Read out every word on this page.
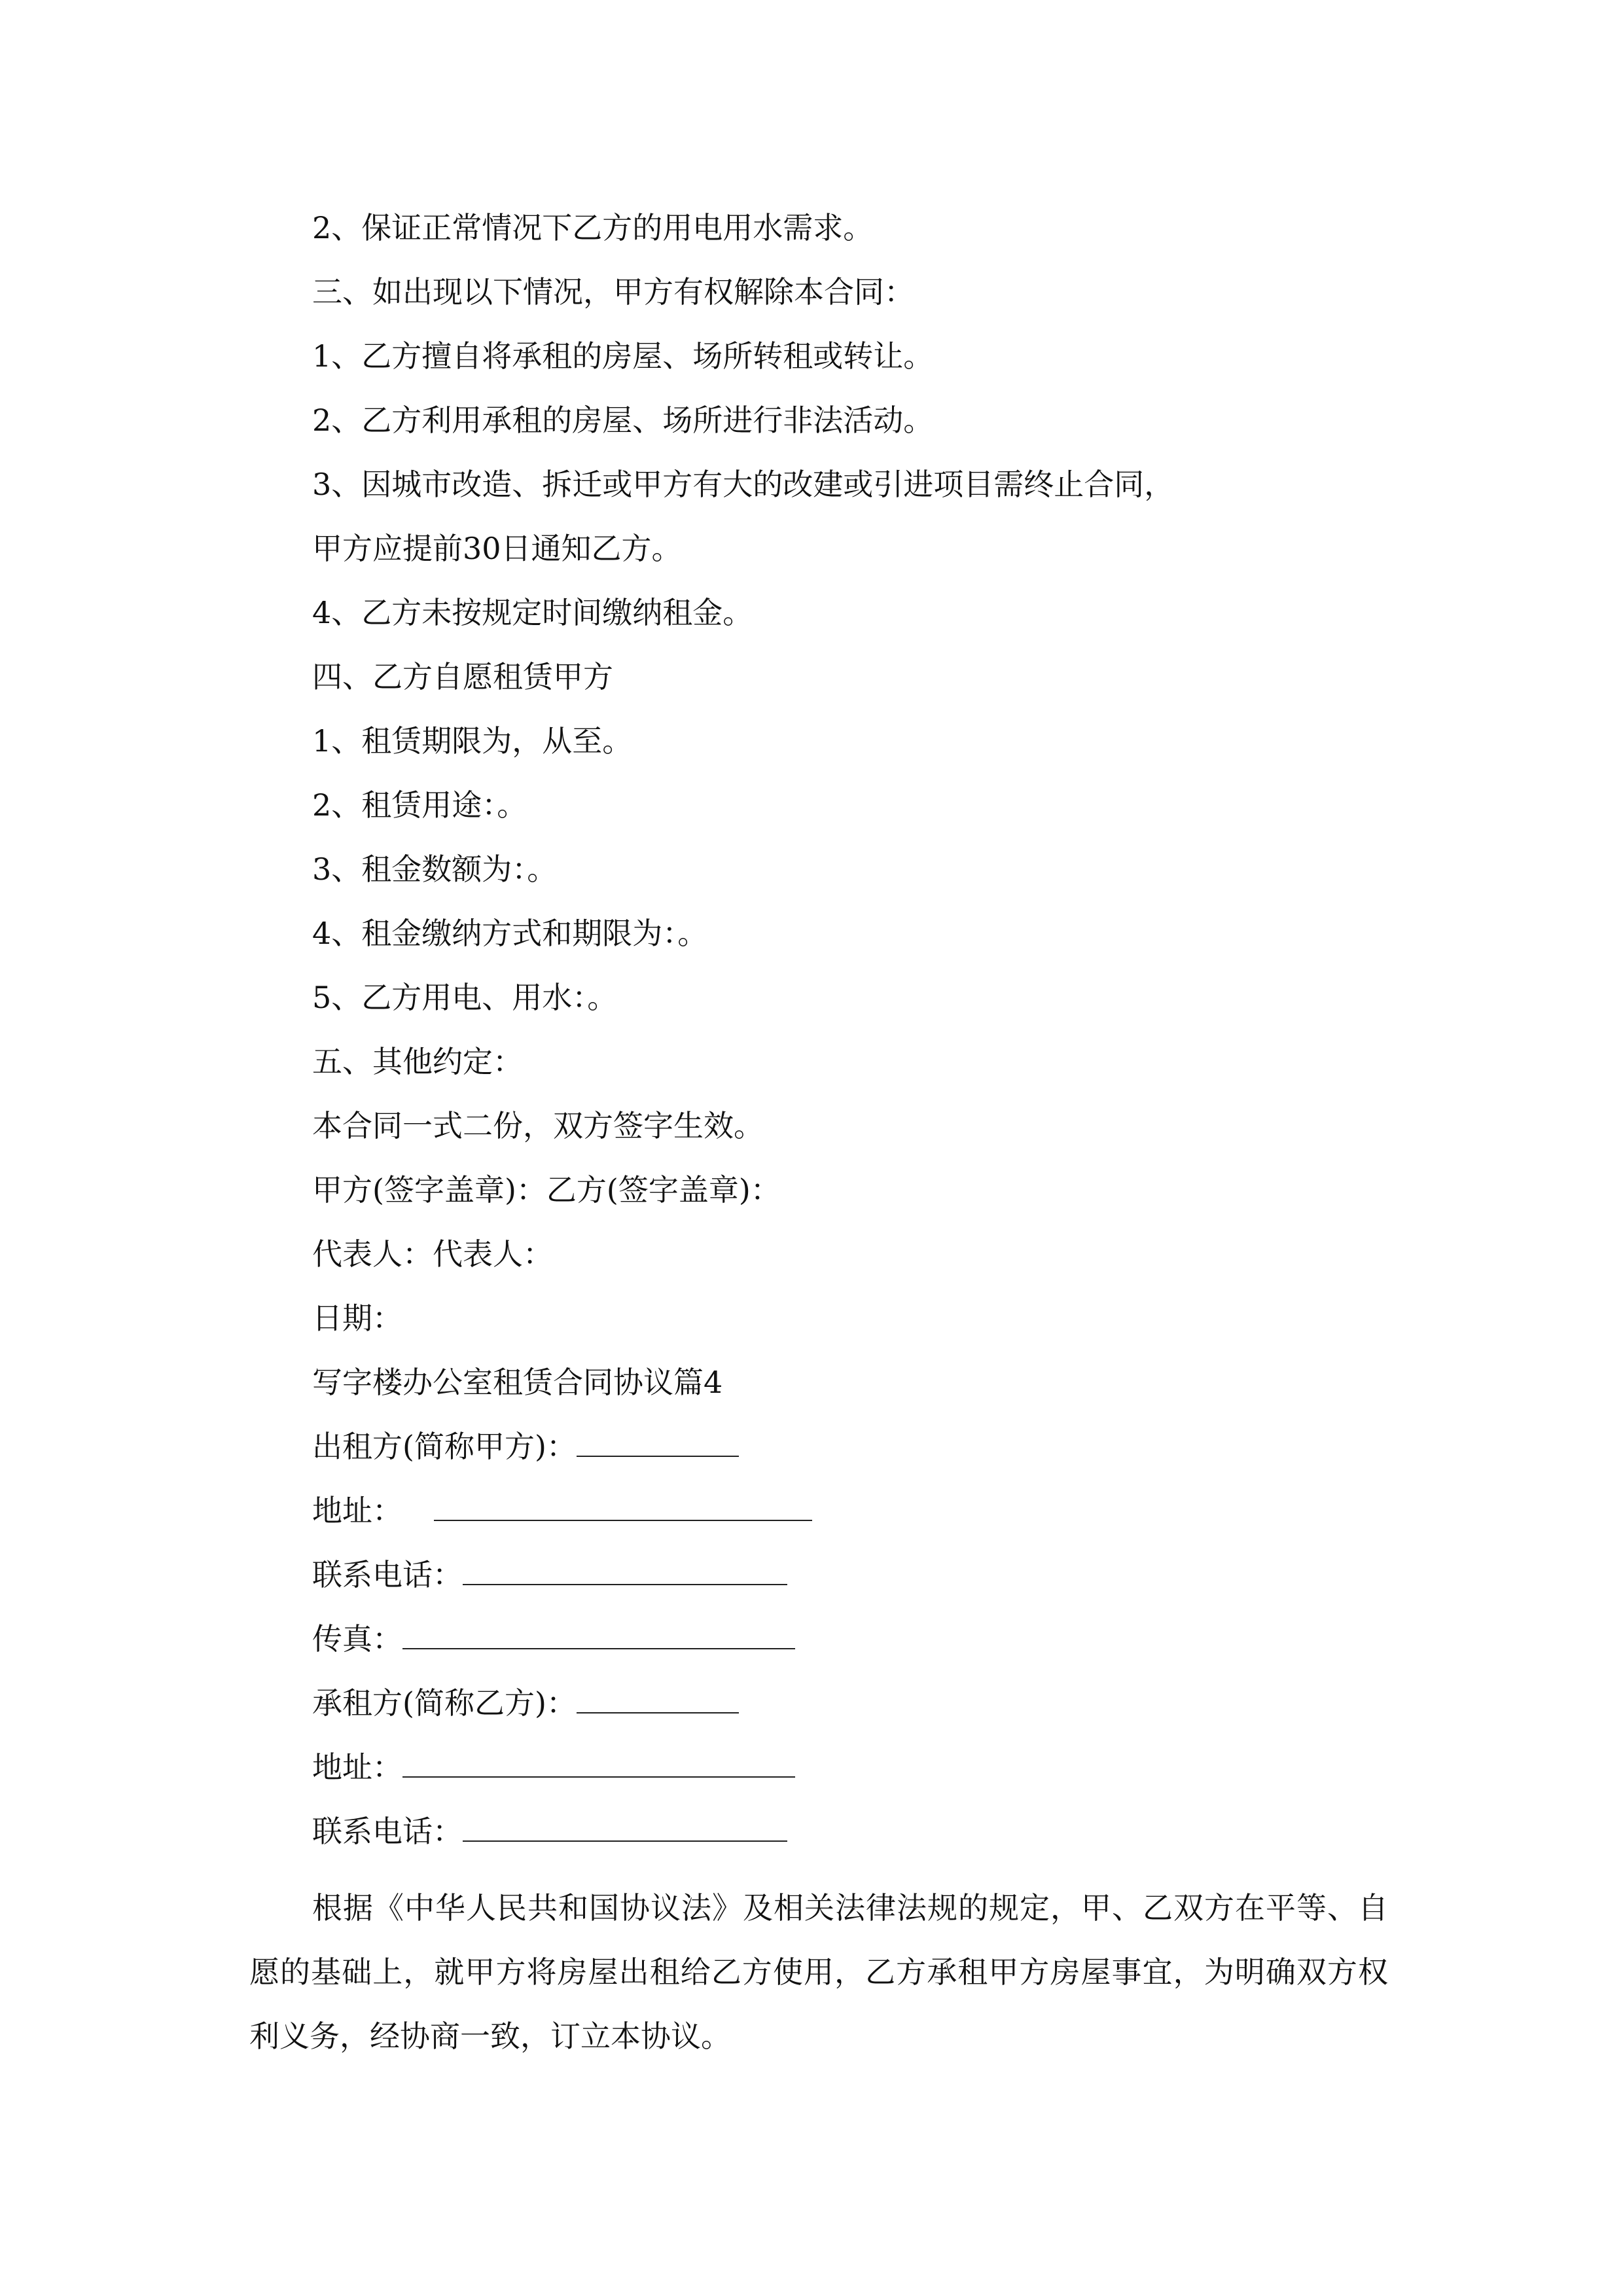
2、保证正常情况下乙方的用电用水需求。
三、如出现以下情况，甲方有权解除本合同：
1、乙方擅自将承租的房屋、场所转租或转让。
2、乙方利用承租的房屋、场所进行非法活动。
3、因城市改造、拆迁或甲方有大的改建或引进项目需终止合同，
甲方应提前30日通知乙方。
4、乙方未按规定时间缴纳租金。
四、乙方自愿租赁甲方
1、租赁期限为，从至。
2、租赁用途：。
3、租金数额为：。
4、租金缴纳方式和期限为：。
5、乙方用电、用水：。
五、其他约定：
本合同一式二份，双方签字生效。
甲方(签字盖章)：乙方(签字盖章)：
代表人：代表人：
日期：
写字楼办公室租赁合同协议篇4
出租方(简称甲方)：
地址：
联系电话：
传真：
承租方(简称乙方)：
地址：
联系电话：
根据《中华人民共和国协议法》及相关法律法规的规定，甲、乙双方在平等、自愿的基础上，就甲方将房屋出租给乙方使用，乙方承租甲方房屋事宜，为明确双方权利义务，经协商一致，订立本协议。
